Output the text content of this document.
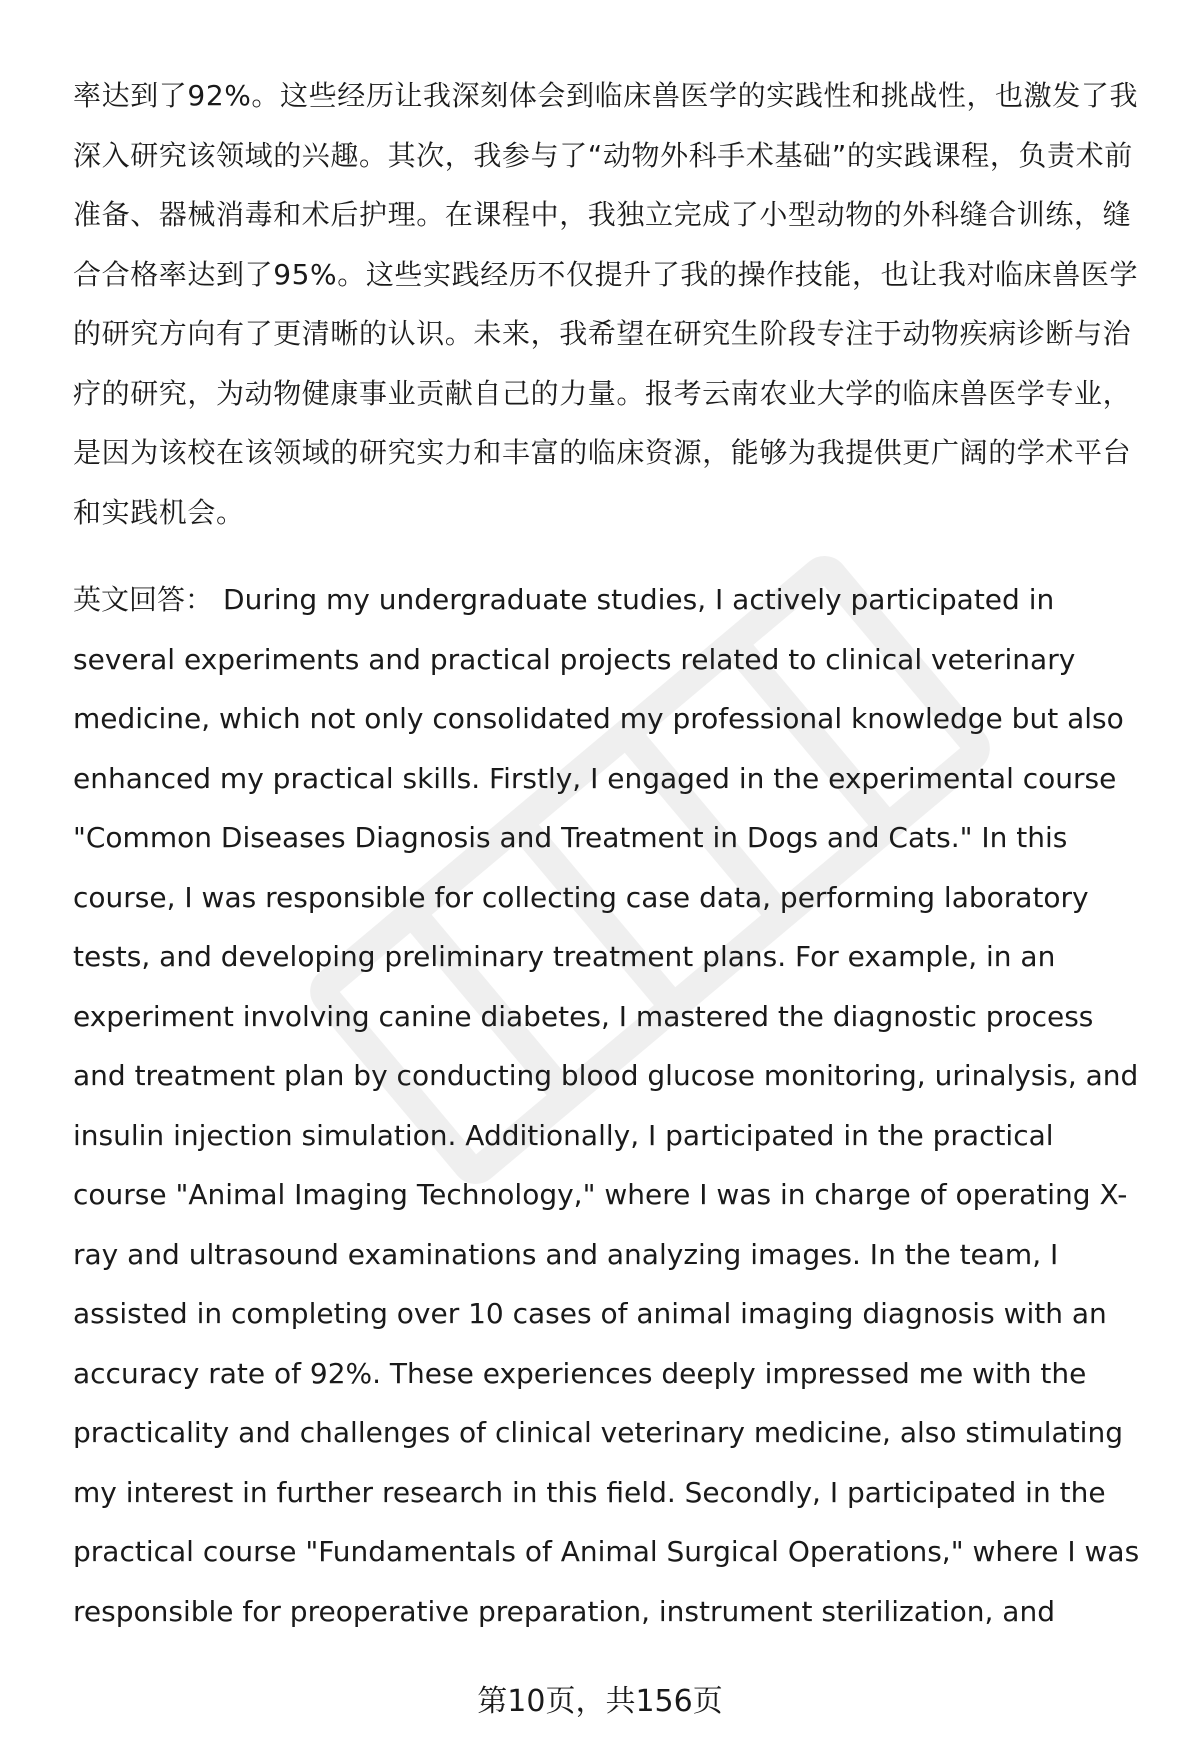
率达到了92%。这些经历让我深刻体会到临床兽医学的实践性和挑战性，也激发了我深入研究该领域的兴趣。其次，我参与了“动物外科手术基础”的实践课程，负责术前准备、器械消毒和术后护理。在课程中，我独立完成了小型动物的外科缝合训练，缝合合格率达到了95%。这些实践经历不仅提升了我的操作技能，也让我对临床兽医学的研究方向有了更清晰的认识。未来，我希望在研究生阶段专注于动物疾病诊断与治疗的研究，为动物健康事业贡献自己的力量。报考云南农业大学的临床兽医学专业，是因为该校在该领域的研究实力和丰富的临床资源，能够为我提供更广阔的学术平台和实践机会。

英文回答： During my undergraduate studies, I actively participated in several experiments and practical projects related to clinical veterinary medicine, which not only consolidated my professional knowledge but also enhanced my practical skills. Firstly, I engaged in the experimental course "Common Diseases Diagnosis and Treatment in Dogs and Cats." In this course, I was responsible for collecting case data, performing laboratory tests, and developing preliminary treatment plans. For example, in an experiment involving canine diabetes, I mastered the diagnostic process and treatment plan by conducting blood glucose monitoring, urinalysis, and insulin injection simulation. Additionally, I participated in the practical course "Animal Imaging Technology," where I was in charge of operating X-ray and ultrasound examinations and analyzing images. In the team, I assisted in completing over 10 cases of animal imaging diagnosis with an accuracy rate of 92%. These experiences deeply impressed me with the practicality and challenges of clinical veterinary medicine, also stimulating my interest in further research in this field. Secondly, I participated in the practical course "Fundamentals of Animal Surgical Operations," where I was responsible for preoperative preparation, instrument sterilization, and

第10页，共156页
